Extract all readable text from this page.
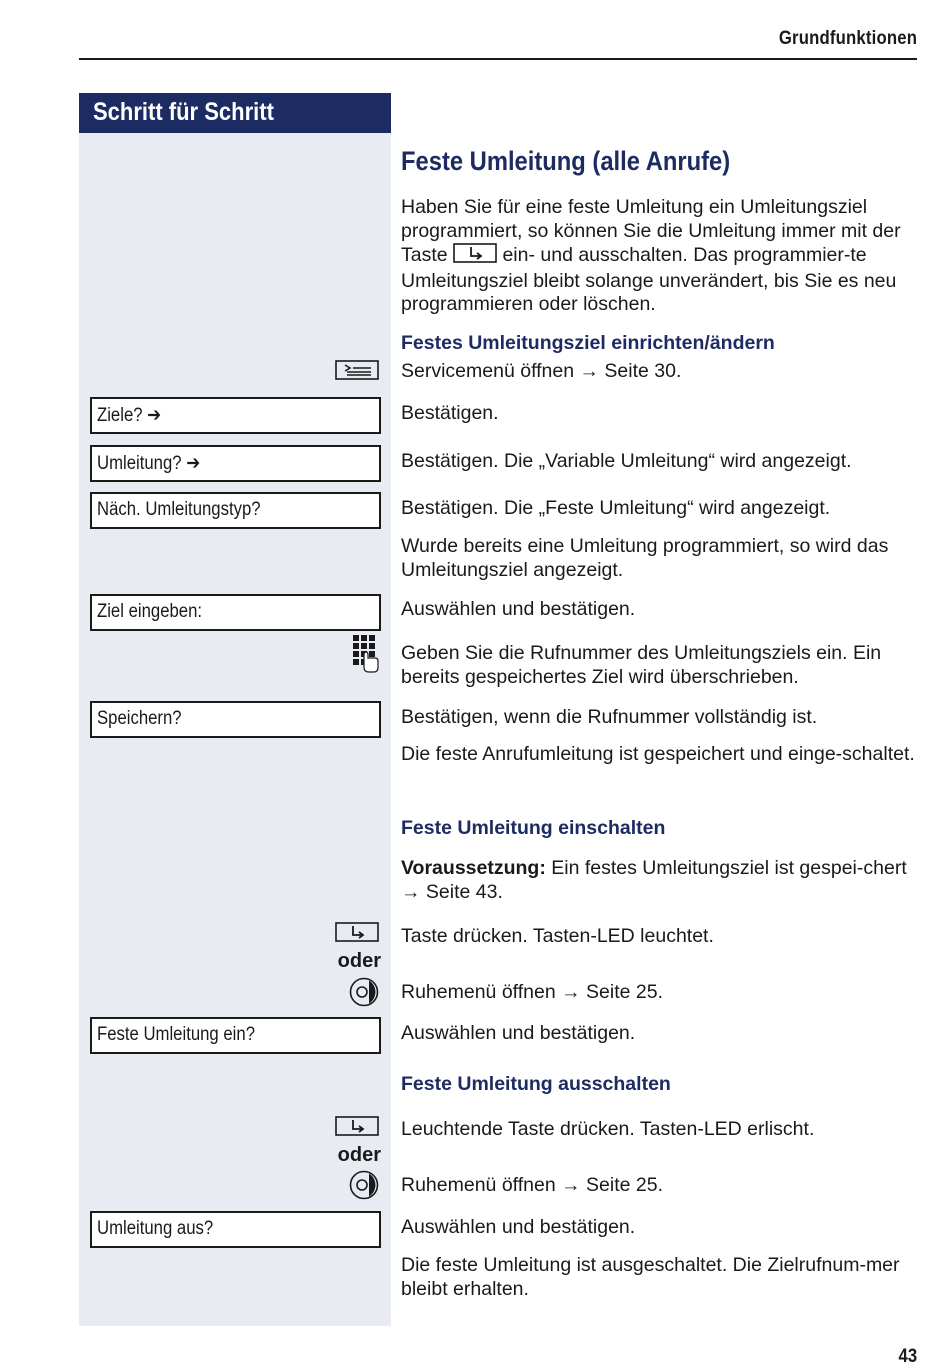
Grundfunktionen
Schritt für Schritt
Feste Umleitung (alle Anrufe)
Haben Sie für eine feste Umleitung ein Umleitungsziel programmiert, so können Sie die Umleitung immer mit der Taste	ein- und ausschalten. Das programmier-te Umleitungsziel bleibt solange unverändert, bis Sie es neu programmieren oder löschen.
Festes Umleitungsziel einrichten/ändern
Servicemenü öffnen → Seite 30.
Ziele? ➔	Bestätigen.
Umleitung? ➔	Bestätigen. Die „Variable Umleitung“ wird angezeigt.
Näch. Umleitungstyp?	Bestätigen. Die „Feste Umleitung“ wird angezeigt.
Wurde bereits eine Umleitung programmiert, so wird das Umleitungsziel angezeigt.
Ziel eingeben:	Auswählen und bestätigen.
Geben Sie die Rufnummer des Umleitungsziels ein. Ein bereits gespeichertes Ziel wird überschrieben.
Speichern?	Bestätigen, wenn die Rufnummer vollständig ist.
Die feste Anrufumleitung ist gespeichert und einge-schaltet.
Feste Umleitung einschalten
Voraussetzung: Ein festes Umleitungsziel ist gespei-chert → Seite 43.
Taste drücken. Tasten-LED leuchtet.
oder
Ruhemenü öffnen → Seite 25.
Feste Umleitung ein?	Auswählen und bestätigen.
Feste Umleitung ausschalten
Leuchtende Taste drücken. Tasten-LED erlischt.
oder
Ruhemenü öffnen → Seite 25.
Umleitung aus?	Auswählen und bestätigen.
Die feste Umleitung ist ausgeschaltet. Die Zielrufnum-mer bleibt erhalten.
43
